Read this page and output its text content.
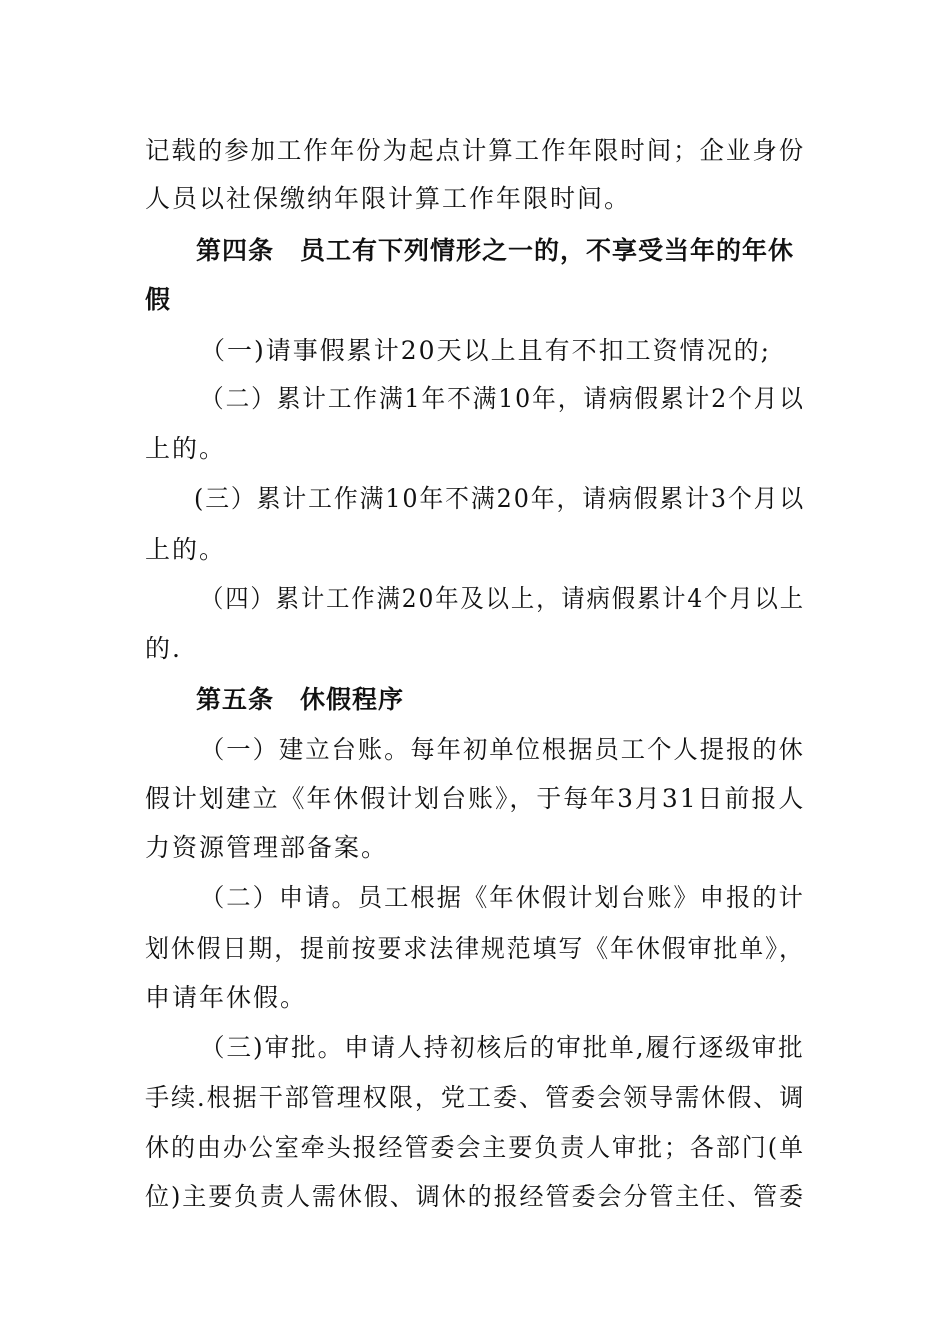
记载的参加工作年份为起点计算工作年限时间；企业身份
人员以社保缴纳年限计算工作年限时间。
第四条　员工有下列情形之一的，不享受当年的年休
假
（一)请事假累计20天以上且有不扣工资情况的;
（二）累计工作满1年不满10年，请病假累计2个月以
上的。
(三）累计工作满10年不满20年，请病假累计3个月以
上的。
（四）累计工作满20年及以上，请病假累计4个月以上
的.
第五条　休假程序
（一）建立台账。每年初单位根据员工个人提报的休
假计划建立《年休假计划台账》，于每年3月31日前报人
力资源管理部备案。
（二）申请。员工根据《年休假计划台账》申报的计
划休假日期，提前按要求法律规范填写《年休假审批单》，
申请年休假。
（三)审批。申请人持初核后的审批单,履行逐级审批
手续.根据干部管理权限，党工委、管委会领导需休假、调
休的由办公室牵头报经管委会主要负责人审批；各部门(单
位)主要负责人需休假、调休的报经管委会分管主任、管委
